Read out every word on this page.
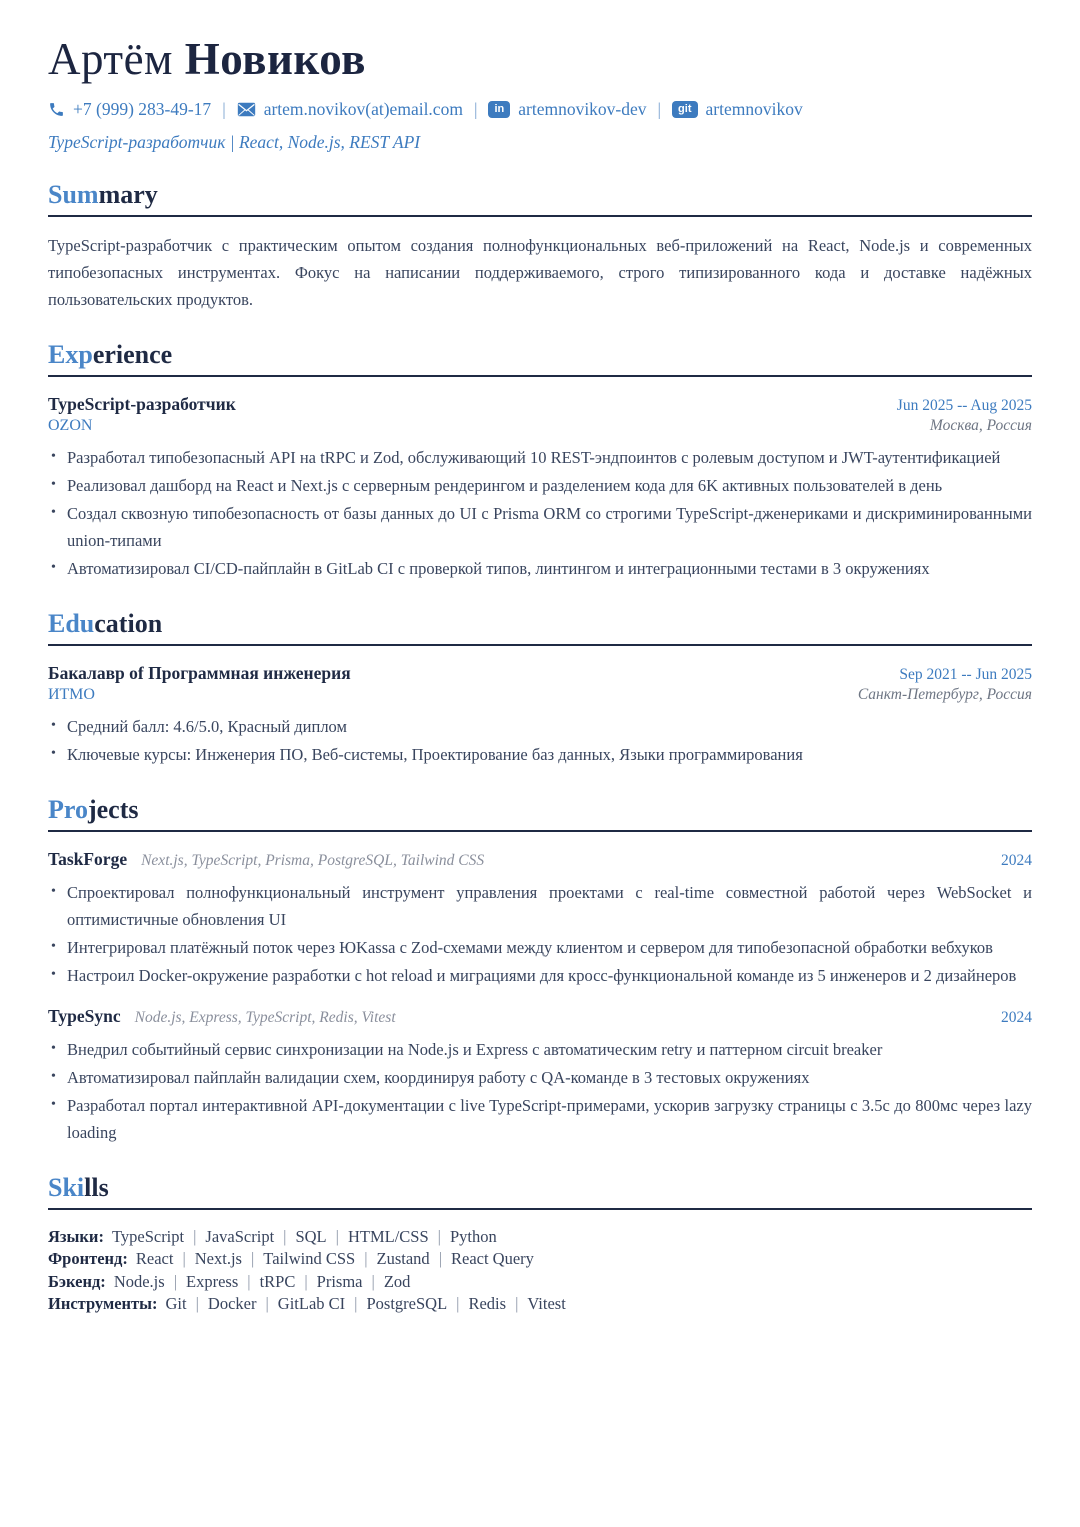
Артём Новиков
+7 (999) 283-49-17 | artem.novikov(at)email.com |	in artemnovikov-dev |	git artemnovikov
TypeScript-разработчик | React, Node.js, REST API
Summary

TypeScript-разработчик с практическим опытом создания полнофункциональных веб-приложений на React, Node.js и современных типобезопасных инструментах. Фокус на написании поддерживаемого, строго типизированного кода и доставке надёжных пользовательских продуктов.

Experience
TypeScript-разработчик	Jun 2025 -- Aug 2025
OZON	Москва, Россия
• Разработал типобезопасный API на tRPC и Zod, обслуживающий 10 REST-эндпоинтов с ролевым доступом и JWT-аутентификацией
• Реализовал дашборд на React и Next.js с серверным рендерингом и разделением кода для 6K активных пользователей в день
• Создал сквозную типобезопасность от базы данных до UI с Prisma ORM со строгими TypeScript-дженериками и дискриминированными union-типами
• Автоматизировал CI/CD-пайплайн в GitLab CI с проверкой типов, линтингом и интеграционными тестами в 3 окружениях
Education
Бакалавр of Программная инженерия	Sep 2021 -- Jun 2025
ИТМО	Санкт-Петербург, Россия
• Средний балл: 4.6/5.0, Красный диплом
• Ключевые курсы: Инженерия ПО, Веб-системы, Проектирование баз данных, Языки программирования
Projects
TaskForge Next.js, TypeScript, Prisma, PostgreSQL, Tailwind CSS	2024
• Спроектировал полнофункциональный инструмент управления проектами с real-time совместной работой через WebSocket и оптимистичные обновления UI
• Интегрировал платёжный поток через ЮKassa с Zod-схемами между клиентом и сервером для типобезопасной обработки вебхуков
• Настроил Docker-окружение разработки с hot reload и миграциями для кросс-функциональной команде из 5 инженеров и 2 дизайнеров
TypeSync Node.js, Express, TypeScript, Redis, Vitest	2024
• Внедрил событийный сервис синхронизации на Node.js и Express с автоматическим retry и паттерном circuit breaker
• Автоматизировал пайплайн валидации схем, координируя работу с QA-команде в 3 тестовых окружениях
• Разработал портал интерактивной API-документации с live TypeScript-примерами, ускорив загрузку страницы с 3.5с до 800мс через lazy loading
Skills
Языки: TypeScript | JavaScript | SQL | HTML/CSS | Python
Фронтенд: React | Next.js | Tailwind CSS | Zustand | React Query
Бэкенд: Node.js | Express | tRPC | Prisma | Zod
Инструменты: Git | Docker | GitLab CI | PostgreSQL | Redis | Vitest
